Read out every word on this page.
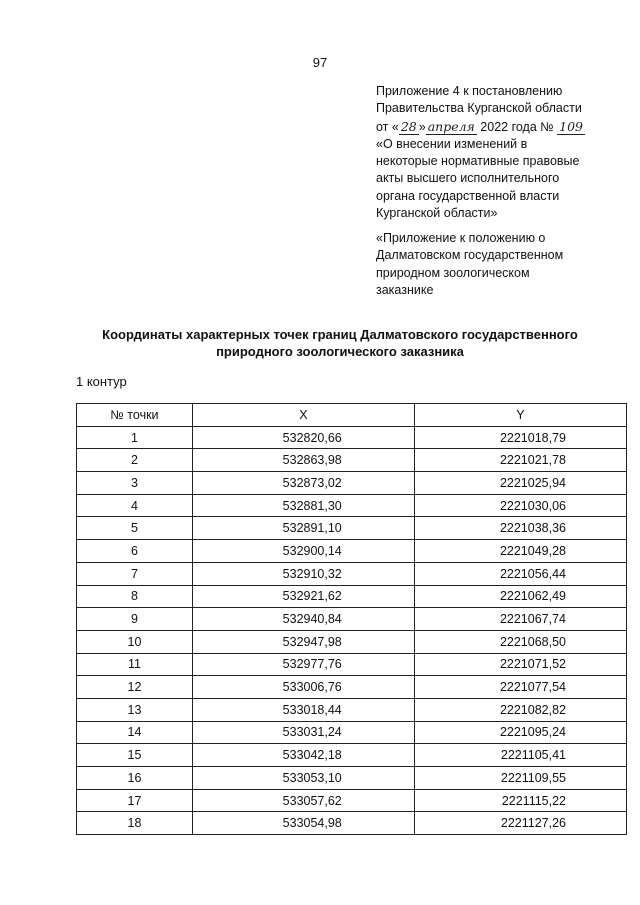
97
Приложение 4 к постановлению
Правительства Курганской области
от « 28 » апреля 2022 года № 109
«О внесении изменений в
некоторые нормативные правовые
акты высшего исполнительного
органа государственной власти
Курганской области»
«Приложение к положению о
Далматовском государственном
природном зоологическом
заказнике
Координаты характерных точек границ Далматовского государственного
природного зоологического заказника
1 контур
№ точки	X	Y
1	532820,66	2221018,79
2	532863,98	2221021,78
3	532873,02	2221025,94
4	532881,30	2221030,06
5	532891,10	2221038,36
6	532900,14	2221049,28
7	532910,32	2221056,44
8	532921,62	2221062,49
9	532940,84	2221067,74
10	532947,98	2221068,50
11	532977,76	2221071,52
12	533006,76	2221077,54
13	533018,44	2221082,82
14	533031,24	2221095,24
15	533042,18	2221105,41
16	533053,10	2221109,55
17	533057,62	2221115,22
18	533054,98	2221127,26
